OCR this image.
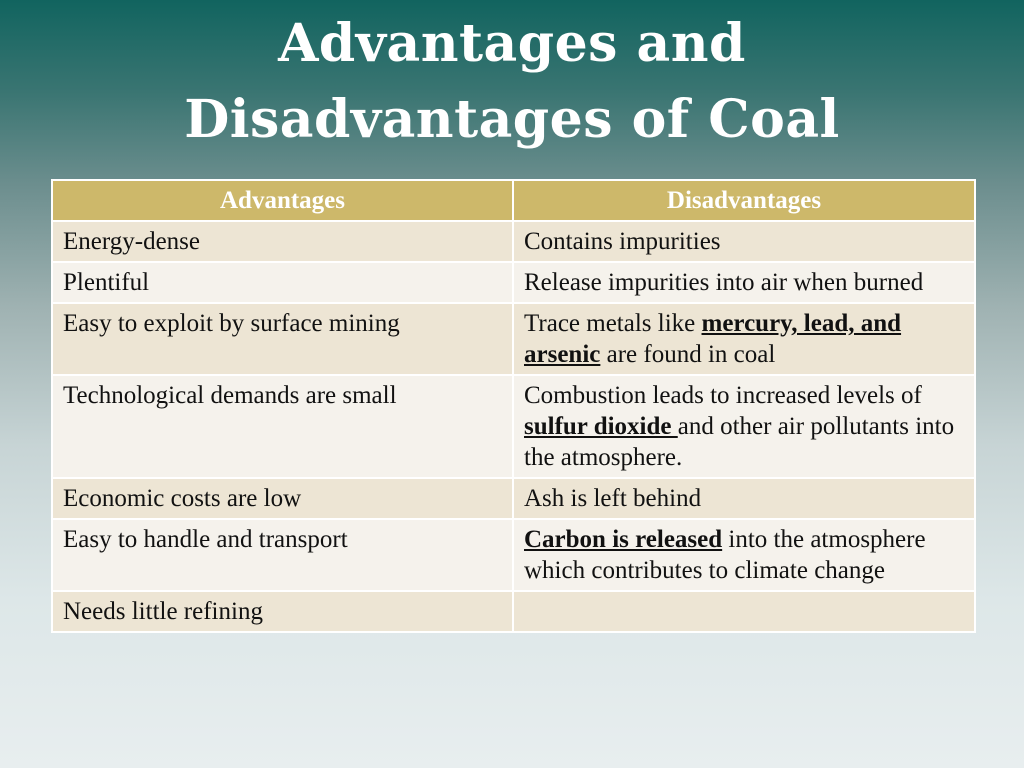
Advantages and
Disadvantages of Coal
Advantages	Disadvantages
Energy-dense	Contains impurities
Plentiful	Release impurities into air when burned
Easy to exploit by surface mining	Trace metals like mercury, lead, and arsenic are found in coal
Technological demands are small	Combustion leads to increased levels of sulfur dioxide and other air pollutants into the atmosphere.
Economic costs are low	Ash is left behind
Easy to handle and transport	Carbon is released into the atmosphere which contributes to climate change
Needs little refining	
